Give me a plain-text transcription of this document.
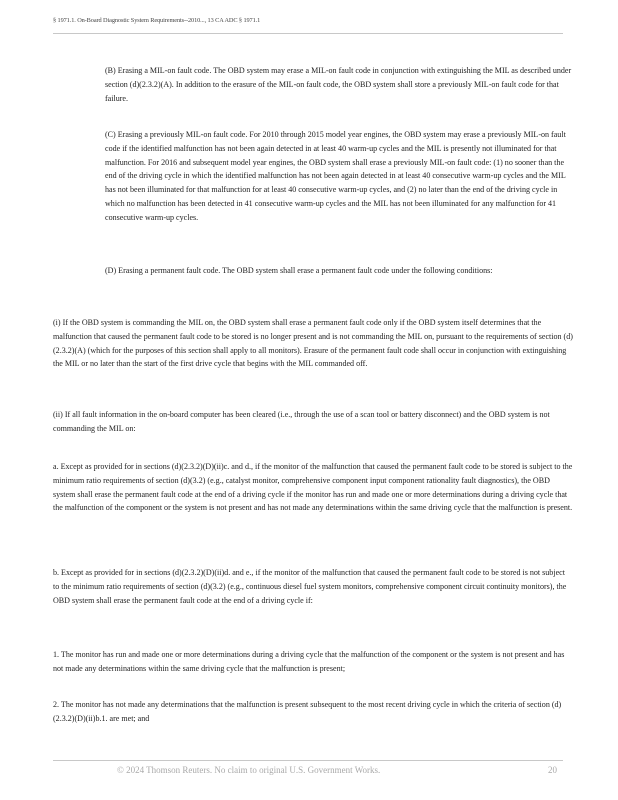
§ 1971.1. On-Board Diagnostic System Requirements--2010..., 13 CA ADC § 1971.1

(B) Erasing a MIL-on fault code. The OBD system may erase a MIL-on fault code in conjunction with extinguishing the MIL as described under section (d)(2.3.2)(A). In addition to the erasure of the MIL-on fault code, the OBD system shall store a previously MIL-on fault code for that failure.

(C) Erasing a previously MIL-on fault code. For 2010 through 2015 model year engines, the OBD system may erase a previously MIL-on fault code if the identified malfunction has not been again detected in at least 40 warm-up cycles and the MIL is presently not illuminated for that malfunction. For 2016 and subsequent model year engines, the OBD system shall erase a previously MIL-on fault code: (1) no sooner than the end of the driving cycle in which the identified malfunction has not been again detected in at least 40 consecutive warm-up cycles and the MIL has not been illuminated for that malfunction for at least 40 consecutive warm-up cycles, and (2) no later than the end of the driving cycle in which no malfunction has been detected in 41 consecutive warm-up cycles and the MIL has not been illuminated for any malfunction for 41 consecutive warm-up cycles.

(D) Erasing a permanent fault code. The OBD system shall erase a permanent fault code under the following conditions:

(i) If the OBD system is commanding the MIL on, the OBD system shall erase a permanent fault code only if the OBD system itself determines that the malfunction that caused the permanent fault code to be stored is no longer present and is not commanding the MIL on, pursuant to the requirements of section (d)(2.3.2)(A) (which for the purposes of this section shall apply to all monitors). Erasure of the permanent fault code shall occur in conjunction with extinguishing the MIL or no later than the start of the first drive cycle that begins with the MIL commanded off.

(ii) If all fault information in the on-board computer has been cleared (i.e., through the use of a scan tool or battery disconnect) and the OBD system is not commanding the MIL on:

a. Except as provided for in sections (d)(2.3.2)(D)(ii)c. and d., if the monitor of the malfunction that caused the permanent fault code to be stored is subject to the minimum ratio requirements of section (d)(3.2) (e.g., catalyst monitor, comprehensive component input component rationality fault diagnostics), the OBD system shall erase the permanent fault code at the end of a driving cycle if the monitor has run and made one or more determinations during a driving cycle that the malfunction of the component or the system is not present and has not made any determinations within the same driving cycle that the malfunction is present.

b. Except as provided for in sections (d)(2.3.2)(D)(ii)d. and e., if the monitor of the malfunction that caused the permanent fault code to be stored is not subject to the minimum ratio requirements of section (d)(3.2) (e.g., continuous diesel fuel system monitors, comprehensive component circuit continuity monitors), the OBD system shall erase the permanent fault code at the end of a driving cycle if:

1. The monitor has run and made one or more determinations during a driving cycle that the malfunction of the component or the system is not present and has not made any determinations within the same driving cycle that the malfunction is present;

2. The monitor has not made any determinations that the malfunction is present subsequent to the most recent driving cycle in which the criteria of section (d)(2.3.2)(D)(ii)b.1. are met; and

© 2024 Thomson Reuters. No claim to original U.S. Government Works.	20
